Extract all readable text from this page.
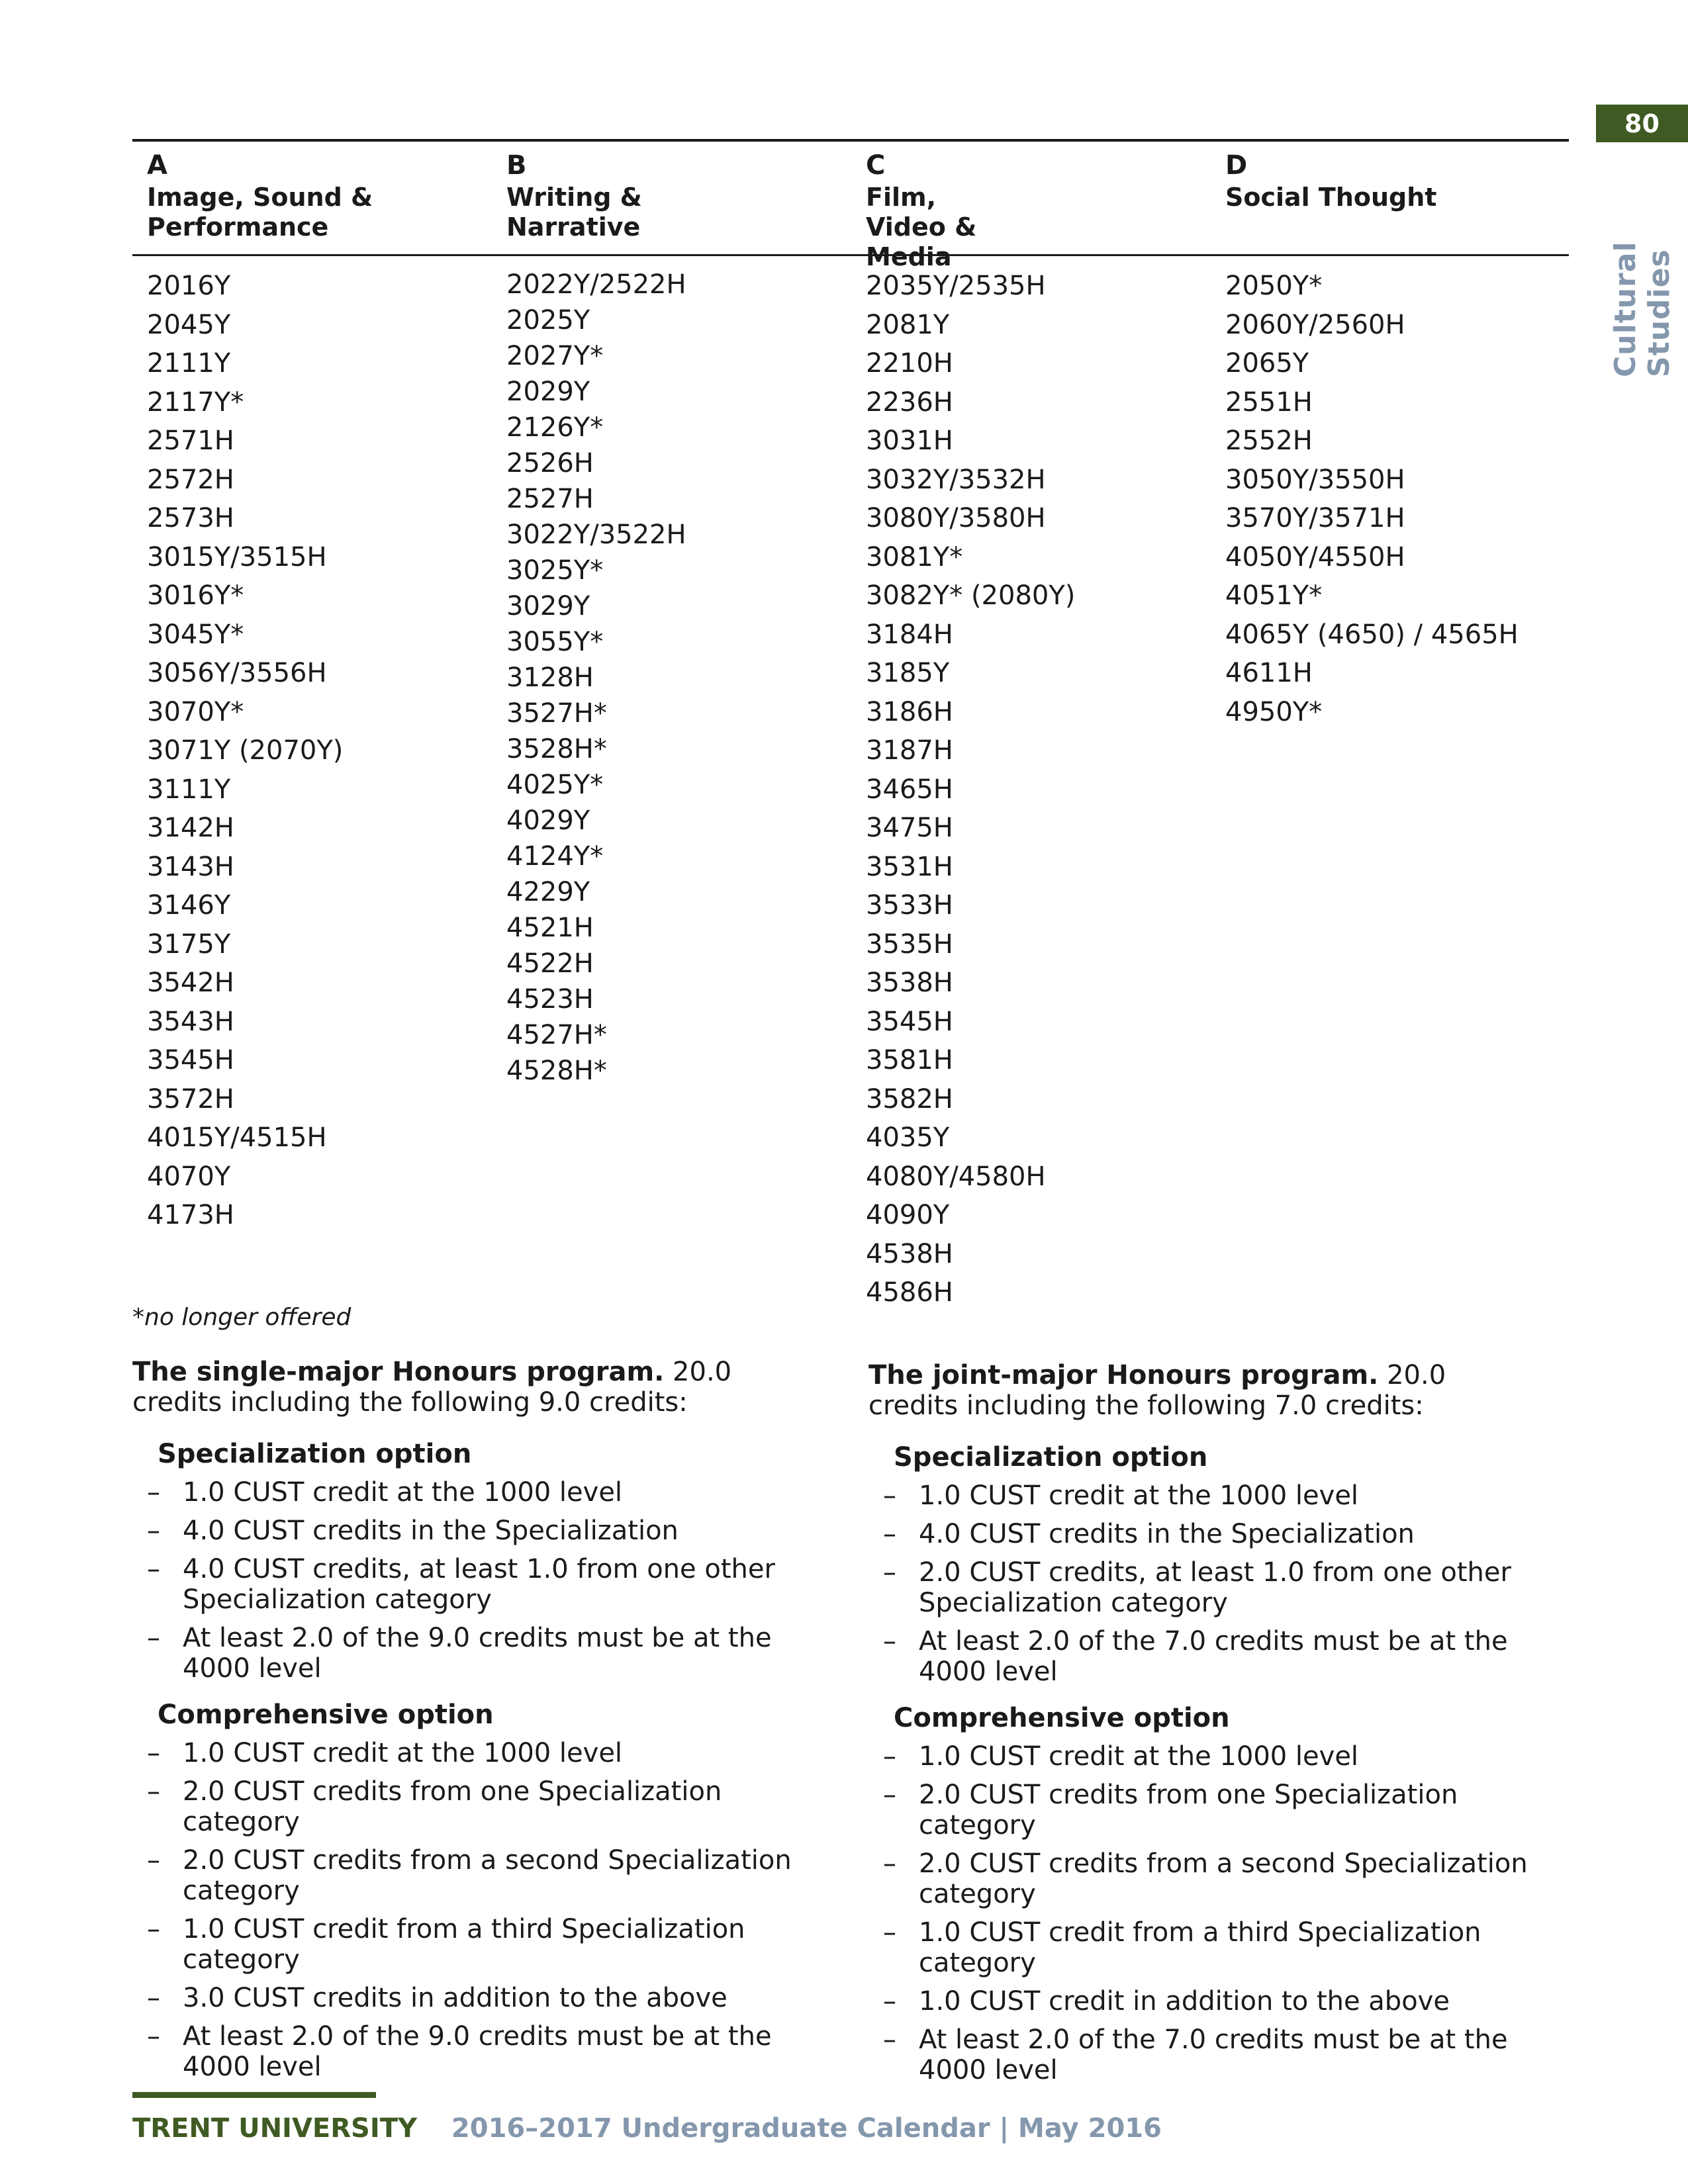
80
Cultural Studies
A
Image, Sound & Performance
B
Writing & Narrative
C
Film, Video & Media
D
Social Thought
2016Y
2045Y
2111Y
2117Y*
2571H
2572H
2573H
3015Y/3515H
3016Y*
3045Y*
3056Y/3556H
3070Y*
3071Y (2070Y)
3111Y
3142H
3143H
3146Y
3175Y
3542H
3543H
3545H
3572H
4015Y/4515H
4070Y
4173H
2022Y/2522H
2025Y
2027Y*
2029Y
2126Y*
2526H
2527H
3022Y/3522H
3025Y*
3029Y
3055Y*
3128H
3527H*
3528H*
4025Y*
4029Y
4124Y*
4229Y
4521H
4522H
4523H
4527H*
4528H*
2035Y/2535H
2081Y
2210H
2236H
3031H
3032Y/3532H
3080Y/3580H
3081Y*
3082Y* (2080Y)
3184H
3185Y
3186H
3187H
3465H
3475H
3531H
3533H
3535H
3538H
3545H
3581H
3582H
4035Y
4080Y/4580H
4090Y
4538H
4586H
2050Y*
2060Y/2560H
2065Y
2551H
2552H
3050Y/3550H
3570Y/3571H
4050Y/4550H
4051Y*
4065Y (4650) / 4565H
4611H
4950Y*
*no longer offered
The single-major Honours program. 20.0 credits including the following 9.0 credits:
Specialization option
– 1.0 CUST credit at the 1000 level
– 4.0 CUST credits in the Specialization
– 4.0 CUST credits, at least 1.0 from one other Specialization category
– At least 2.0 of the 9.0 credits must be at the 4000 level
Comprehensive option
– 1.0 CUST credit at the 1000 level
– 2.0 CUST credits from one Specialization category
– 2.0 CUST credits from a second Specialization category
– 1.0 CUST credit from a third Specialization category
– 3.0 CUST credits in addition to the above
– At least 2.0 of the 9.0 credits must be at the 4000 level
The joint-major Honours program. 20.0 credits including the following 7.0 credits:
Specialization option
– 1.0 CUST credit at the 1000 level
– 4.0 CUST credits in the Specialization
– 2.0 CUST credits, at least 1.0 from one other Specialization category
– At least 2.0 of the 7.0 credits must be at the 4000 level
Comprehensive option
– 1.0 CUST credit at the 1000 level
– 2.0 CUST credits from one Specialization category
– 2.0 CUST credits from a second Specialization category
– 1.0 CUST credit from a third Specialization category
– 1.0 CUST credit in addition to the above
– At least 2.0 of the 7.0 credits must be at the 4000 level
TRENT UNIVERSITY 2016–2017 Undergraduate Calendar | May 2016
